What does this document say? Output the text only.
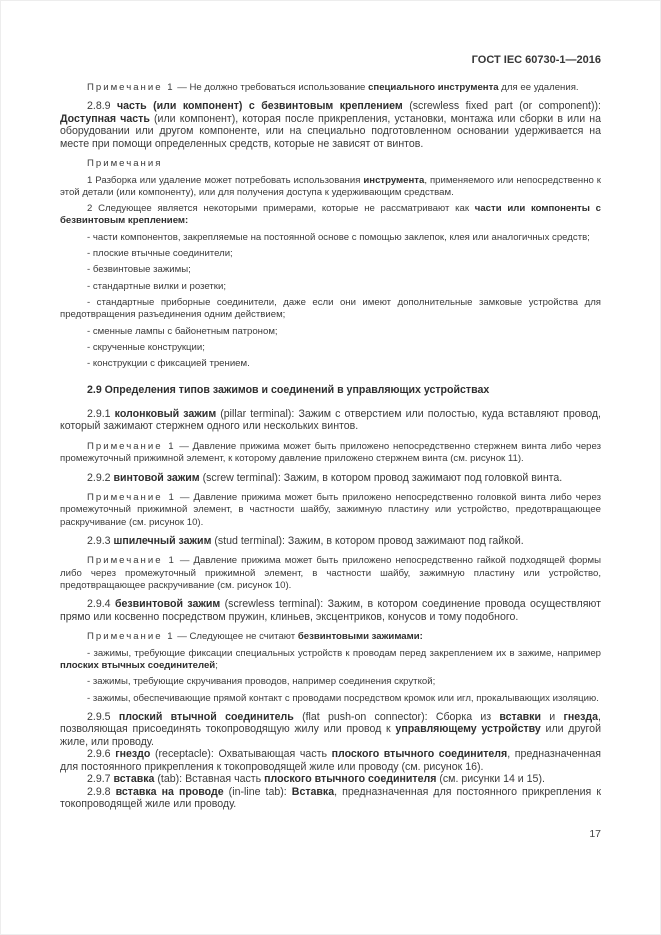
ГОСТ IEC 60730-1—2016

Примечание 1 — Не должно требоваться использование специального инструмента для ее удаления.

2.8.9 часть (или компонент) с безвинтовым креплением (screwless fixed part (or component)): Доступная часть (или компонент), которая после прикрепления, установки, монтажа или сборки в или на оборудовании или другом компоненте, или на специально подготовленном основании удерживается на месте при помощи определенных средств, которые не зависят от винтов.

Примечания

1 Разборка или удаление может потребовать использования инструмента, применяемого или непосредственно к этой детали (или компоненту), или для получения доступа к удерживающим средствам.

2 Следующее является некоторыми примерами, которые не рассматривают как части или компоненты с безвинтовым креплением:

- части компонентов, закрепляемые на постоянной основе с помощью заклепок, клея или аналогичных средств;

- плоские втычные соединители;

- безвинтовые зажимы;

- стандартные вилки и розетки;

- стандартные приборные соединители, даже если они имеют дополнительные замковые устройства для предотвращения разъединения одним действием;

- сменные лампы с байонетным патроном;

- скрученные конструкции;

- конструкции с фиксацией трением.

2.9 Определения типов зажимов и соединений в управляющих устройствах

2.9.1 колонковый зажим (pillar terminal): Зажим с отверстием или полостью, куда вставляют провод, который зажимают стержнем одного или нескольких винтов.

Примечание 1 — Давление прижима может быть приложено непосредственно стержнем винта либо через промежуточный прижимной элемент, к которому давление приложено стержнем винта (см. рисунок 11).

2.9.2 винтовой зажим (screw terminal): Зажим, в котором провод зажимают под головкой винта.

Примечание 1 — Давление прижима может быть приложено непосредственно головкой винта либо через промежуточный прижимной элемент, в частности шайбу, зажимную пластину или устройство, предотвращающее раскручивание (см. рисунок 10).

2.9.3 шпилечный зажим (stud terminal): Зажим, в котором провод зажимают под гайкой.

Примечание 1 — Давление прижима может быть приложено непосредственно гайкой подходящей формы либо через промежуточный прижимной элемент, в частности шайбу, зажимную пластину или устройство, предотвращающее раскручивание (см. рисунок 10).

2.9.4 безвинтовой зажим (screwless terminal): Зажим, в котором соединение провода осуществляют прямо или косвенно посредством пружин, клиньев, эксцентриков, конусов и тому подобного.

Примечание 1 — Следующее не считают безвинтовыми зажимами:

- зажимы, требующие фиксации специальных устройств к проводам перед закреплением их в зажиме, например плоских втычных соединителей;

- зажимы, требующие скручивания проводов, например соединения скруткой;

- зажимы, обеспечивающие прямой контакт с проводами посредством кромок или игл, прокалывающих изоляцию.

2.9.5 плоский втычной соединитель (flat push-on connector): Сборка из вставки и гнезда, позволяющая присоединять токопроводящую жилу или провод к управляющему устройству или другой жиле, или проводу.

2.9.6 гнездо (receptacle): Охватывающая часть плоского втычного соединителя, предназначенная для постоянного прикрепления к токопроводящей жиле или проводу (см. рисунок 16).

2.9.7 вставка (tab): Вставная часть плоского втычного соединителя (см. рисунки 14 и 15).

2.9.8 вставка на проводе (in-line tab): Вставка, предназначенная для постоянного прикрепления к токопроводящей жиле или проводу.

17
